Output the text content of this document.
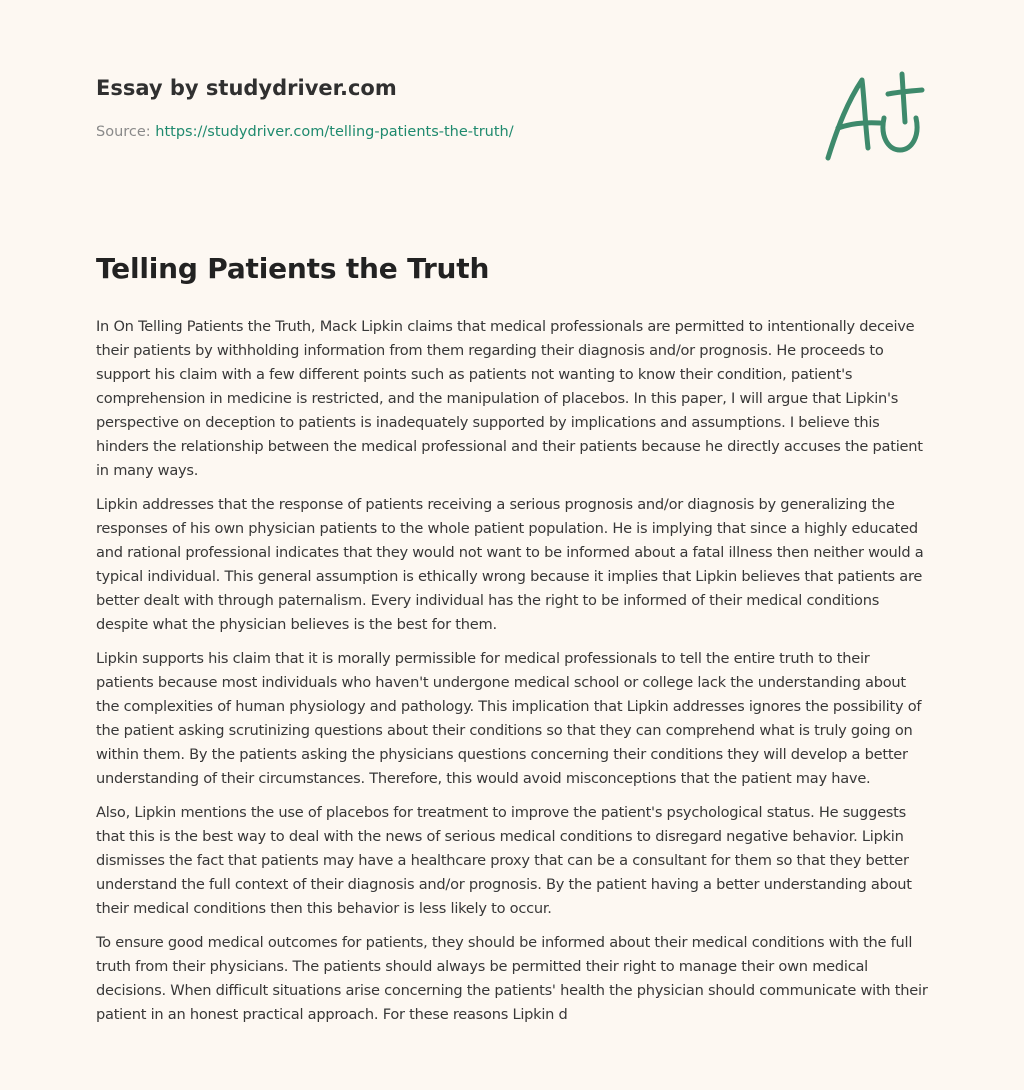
Essay by studydriver.com
Source: https://studydriver.com/telling-patients-the-truth/
Telling Patients the Truth

In On Telling Patients the Truth, Mack Lipkin claims that medical professionals are permitted to intentionally deceive their patients by withholding information from them regarding their diagnosis and/or prognosis. He proceeds to support his claim with a few different points such as patients not wanting to know their condition, patient's comprehension in medicine is restricted, and the manipulation of placebos. In this paper, I will argue that Lipkin's perspective on deception to patients is inadequately supported by implications and assumptions. I believe this hinders the relationship between the medical professional and their patients because he directly accuses the patient in many ways.

Lipkin addresses that the response of patients receiving a serious prognosis and/or diagnosis by generalizing the responses of his own physician patients to the whole patient population. He is implying that since a highly educated and rational professional indicates that they would not want to be informed about a fatal illness then neither would a typical individual. This general assumption is ethically wrong because it implies that Lipkin believes that patients are better dealt with through paternalism. Every individual has the right to be informed of their medical conditions despite what the physician believes is the best for them.

Lipkin supports his claim that it is morally permissible for medical professionals to tell the entire truth to their patients because most individuals who haven't undergone medical school or college lack the understanding about the complexities of human physiology and pathology. This implication that Lipkin addresses ignores the possibility of the patient asking scrutinizing questions about their conditions so that they can comprehend what is truly going on within them. By the patients asking the physicians questions concerning their conditions they will develop a better understanding of their circumstances. Therefore, this would avoid misconceptions that the patient may have.

Also, Lipkin mentions the use of placebos for treatment to improve the patient's psychological status. He suggests that this is the best way to deal with the news of serious medical conditions to disregard negative behavior. Lipkin dismisses the fact that patients may have a healthcare proxy that can be a consultant for them so that they better understand the full context of their diagnosis and/or prognosis. By the patient having a better understanding about their medical conditions then this behavior is less likely to occur.

To ensure good medical outcomes for patients, they should be informed about their medical conditions with the full truth from their physicians. The patients should always be permitted their right to manage their own medical decisions. When difficult situations arise concerning the patients' health the physician should communicate with their patient in an honest practical approach. For these reasons Lipkin d
